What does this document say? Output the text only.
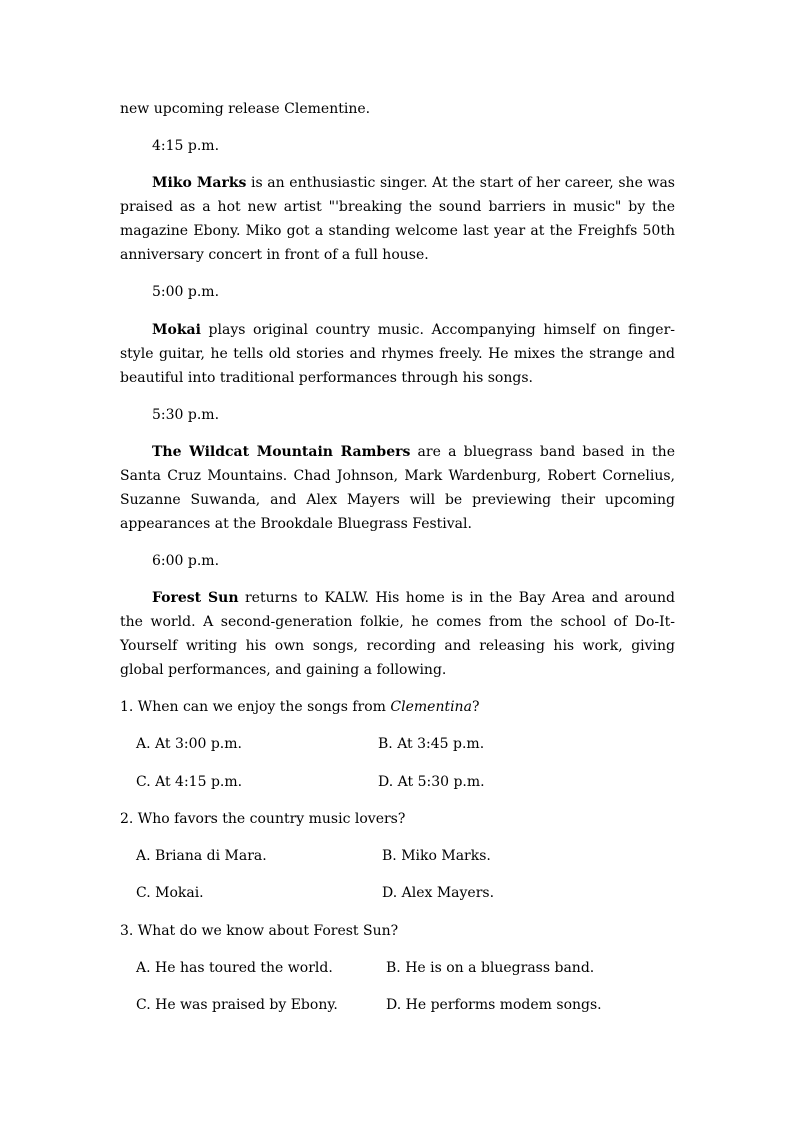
new upcoming release Clementine.
4:15 p.m.
Miko Marks is an enthusiastic singer. At the start of her career, she was praised as a hot new artist "'breaking the sound barriers in music" by the magazine Ebony. Miko got a standing welcome last year at the Freighfs 50th anniversary concert in front of a full house.
5:00 p.m.
Mokai plays original country music. Accompanying himself on finger-style guitar, he tells old stories and rhymes freely. He mixes the strange and beautiful into traditional performances through his songs.
5:30 p.m.
The Wildcat Mountain Rambers are a bluegrass band based in the Santa Cruz Mountains. Chad Johnson, Mark Wardenburg, Robert Cornelius, Suzanne Suwanda, and Alex Mayers will be previewing their upcoming appearances at the Brookdale Bluegrass Festival.
6:00 p.m.
Forest Sun returns to KALW. His home is in the Bay Area and around the world. A second-generation folkie, he comes from the school of Do-It-Yourself writing his own songs, recording and releasing his work, giving global performances, and gaining a following.
1. When can we enjoy the songs from Clementina?
A. At 3:00 p.m.	B. At 3:45 p.m.
C. At 4:15 p.m.	D. At 5:30 p.m.
2. Who favors the country music lovers?
A. Briana di Mara.	B. Miko Marks.
C. Mokai.	D. Alex Mayers.
3. What do we know about Forest Sun?
A. He has toured the world.	B. He is on a bluegrass band.
C. He was praised by Ebony.	D. He performs modem songs.
